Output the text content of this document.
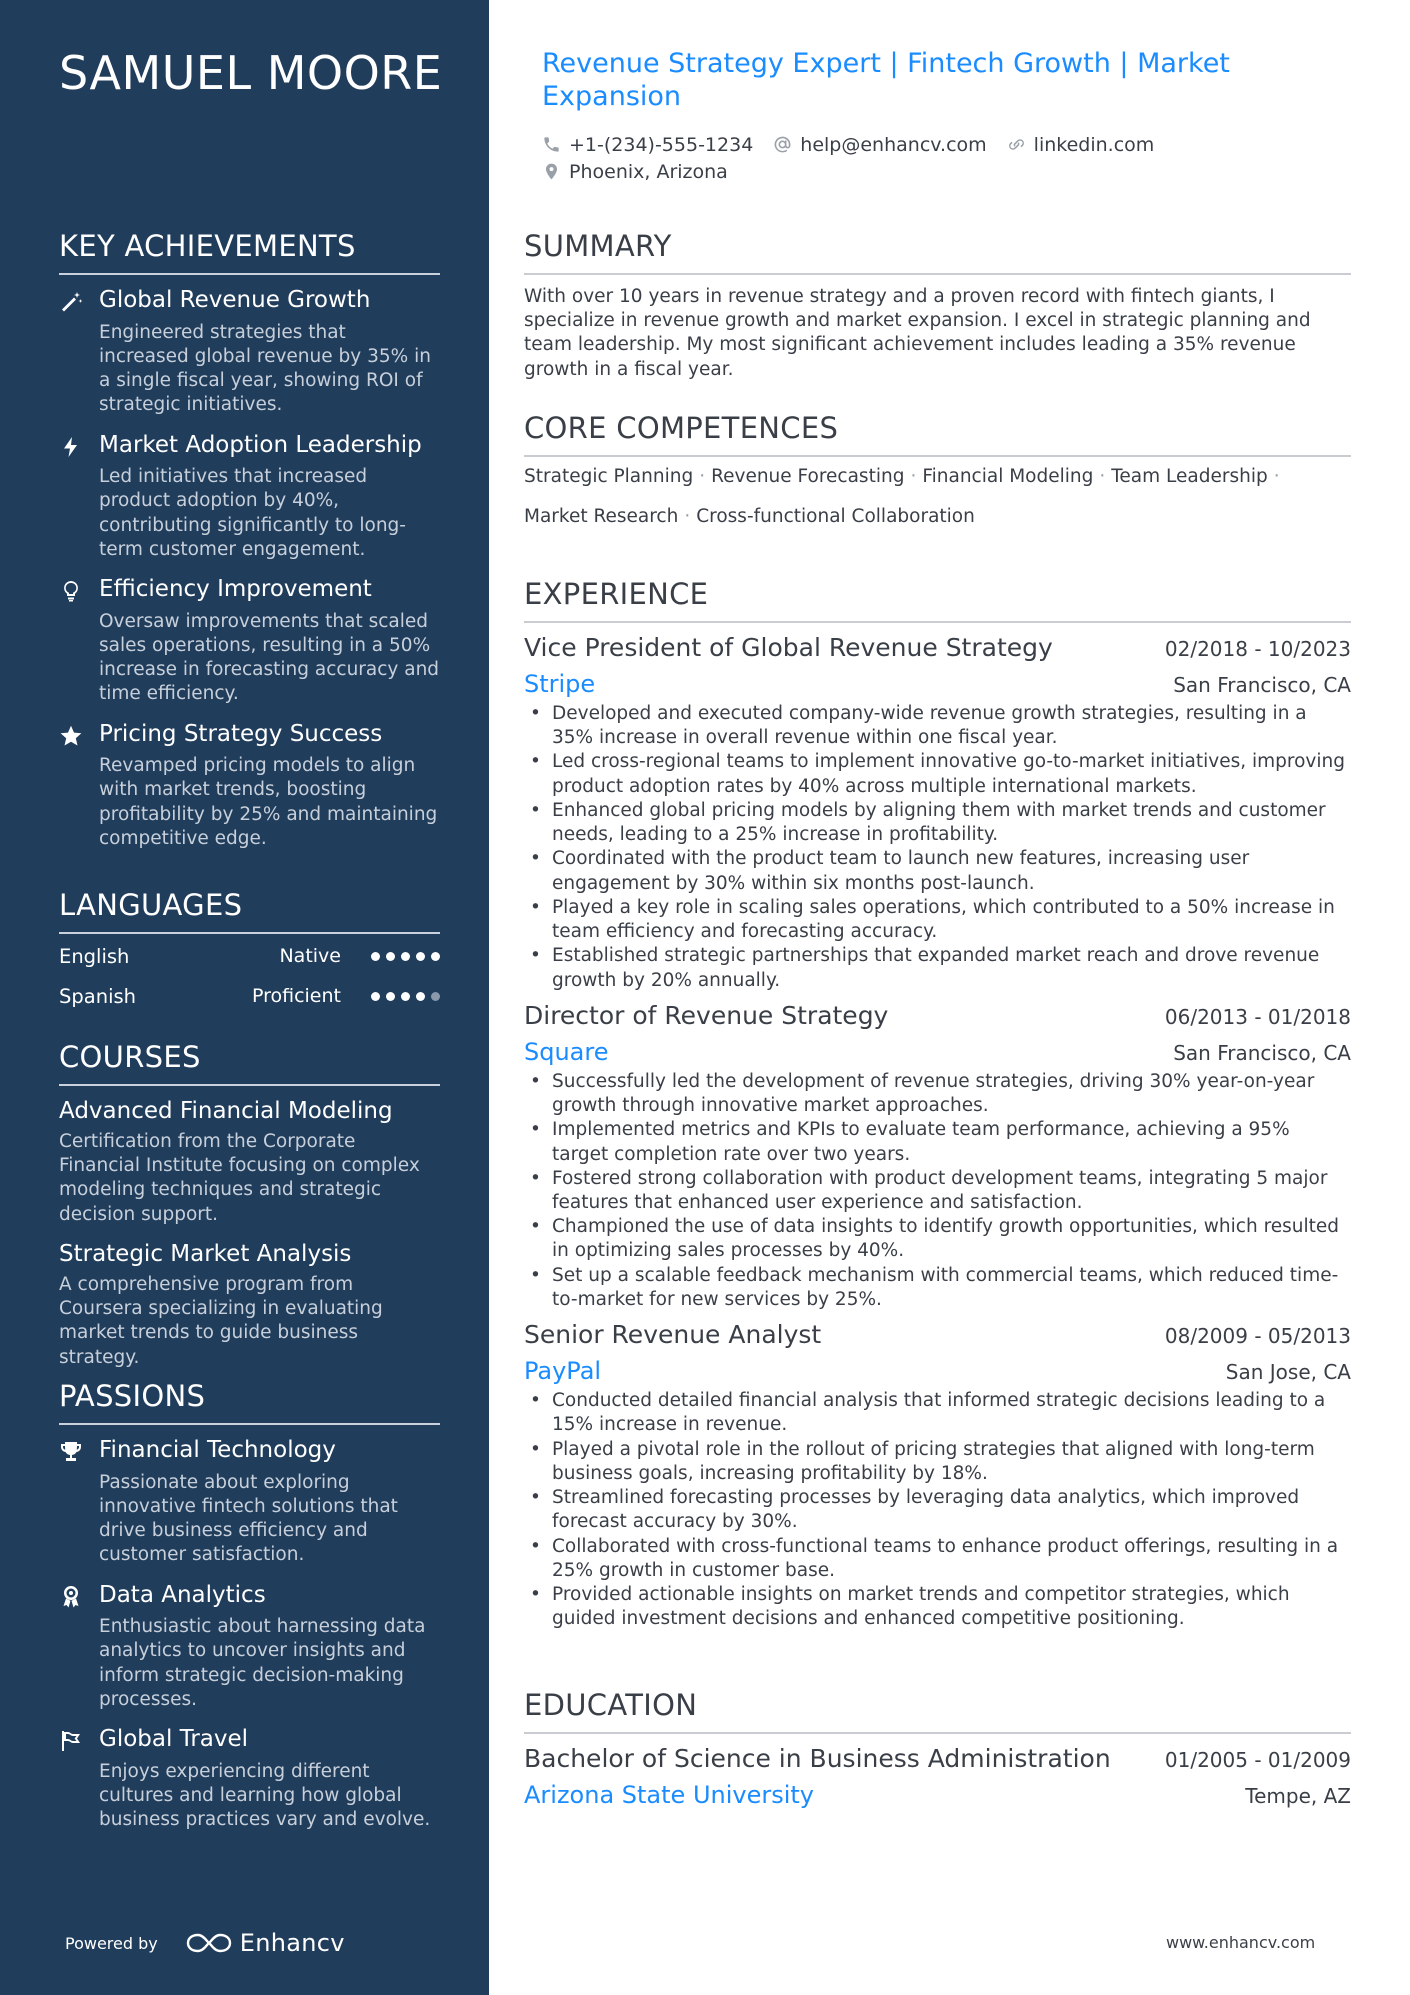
SAMUEL MOORE
KEY ACHIEVEMENTS
Global Revenue Growth
Engineered strategies that increased global revenue by 35% in a single fiscal year, showing ROI of strategic initiatives.
Market Adoption Leadership
Led initiatives that increased product adoption by 40%, contributing significantly to long-term customer engagement.
Efficiency Improvement
Oversaw improvements that scaled sales operations, resulting in a 50% increase in forecasting accuracy and time efficiency.
Pricing Strategy Success
Revamped pricing models to align with market trends, boosting profitability by 25% and maintaining competitive edge.
LANGUAGES
English	Native
Spanish	Proficient
COURSES
Advanced Financial Modeling
Certification from the Corporate Financial Institute focusing on complex modeling techniques and strategic decision support.
Strategic Market Analysis
A comprehensive program from Coursera specializing in evaluating market trends to guide business strategy.
PASSIONS
Financial Technology
Passionate about exploring innovative fintech solutions that drive business efficiency and customer satisfaction.
Data Analytics
Enthusiastic about harnessing data analytics to uncover insights and inform strategic decision-making processes.
Global Travel
Enjoys experiencing different cultures and learning how global business practices vary and evolve.
Powered by	Enhancv
Revenue Strategy Expert | Fintech Growth | Market Expansion
+1-(234)-555-1234 help@enhancv.com linkedin.com
Phoenix, Arizona
SUMMARY
With over 10 years in revenue strategy and a proven record with fintech giants, I specialize in revenue growth and market expansion. I excel in strategic planning and team leadership. My most significant achievement includes leading a 35% revenue growth in a fiscal year.
CORE COMPETENCES
Strategic Planning · Revenue Forecasting · Financial Modeling · Team Leadership ·
Market Research · Cross-functional Collaboration
EXPERIENCE
Vice President of Global Revenue Strategy	02/2018 - 10/2023
Stripe	San Francisco, CA
• Developed and executed company-wide revenue growth strategies, resulting in a 35% increase in overall revenue within one fiscal year.
• Led cross-regional teams to implement innovative go-to-market initiatives, improving product adoption rates by 40% across multiple international markets.
• Enhanced global pricing models by aligning them with market trends and customer needs, leading to a 25% increase in profitability.
• Coordinated with the product team to launch new features, increasing user engagement by 30% within six months post-launch.
• Played a key role in scaling sales operations, which contributed to a 50% increase in team efficiency and forecasting accuracy.
• Established strategic partnerships that expanded market reach and drove revenue growth by 20% annually.
Director of Revenue Strategy	06/2013 - 01/2018
Square	San Francisco, CA
• Successfully led the development of revenue strategies, driving 30% year-on-year growth through innovative market approaches.
• Implemented metrics and KPIs to evaluate team performance, achieving a 95% target completion rate over two years.
• Fostered strong collaboration with product development teams, integrating 5 major features that enhanced user experience and satisfaction.
• Championed the use of data insights to identify growth opportunities, which resulted in optimizing sales processes by 40%.
• Set up a scalable feedback mechanism with commercial teams, which reduced time-to-market for new services by 25%.
Senior Revenue Analyst	08/2009 - 05/2013
PayPal	San Jose, CA
• Conducted detailed financial analysis that informed strategic decisions leading to a 15% increase in revenue.
• Played a pivotal role in the rollout of pricing strategies that aligned with long-term business goals, increasing profitability by 18%.
• Streamlined forecasting processes by leveraging data analytics, which improved forecast accuracy by 30%.
• Collaborated with cross-functional teams to enhance product offerings, resulting in a 25% growth in customer base.
• Provided actionable insights on market trends and competitor strategies, which guided investment decisions and enhanced competitive positioning.
EDUCATION
Bachelor of Science in Business Administration	01/2005 - 01/2009
Arizona State University	Tempe, AZ
www.enhancv.com
